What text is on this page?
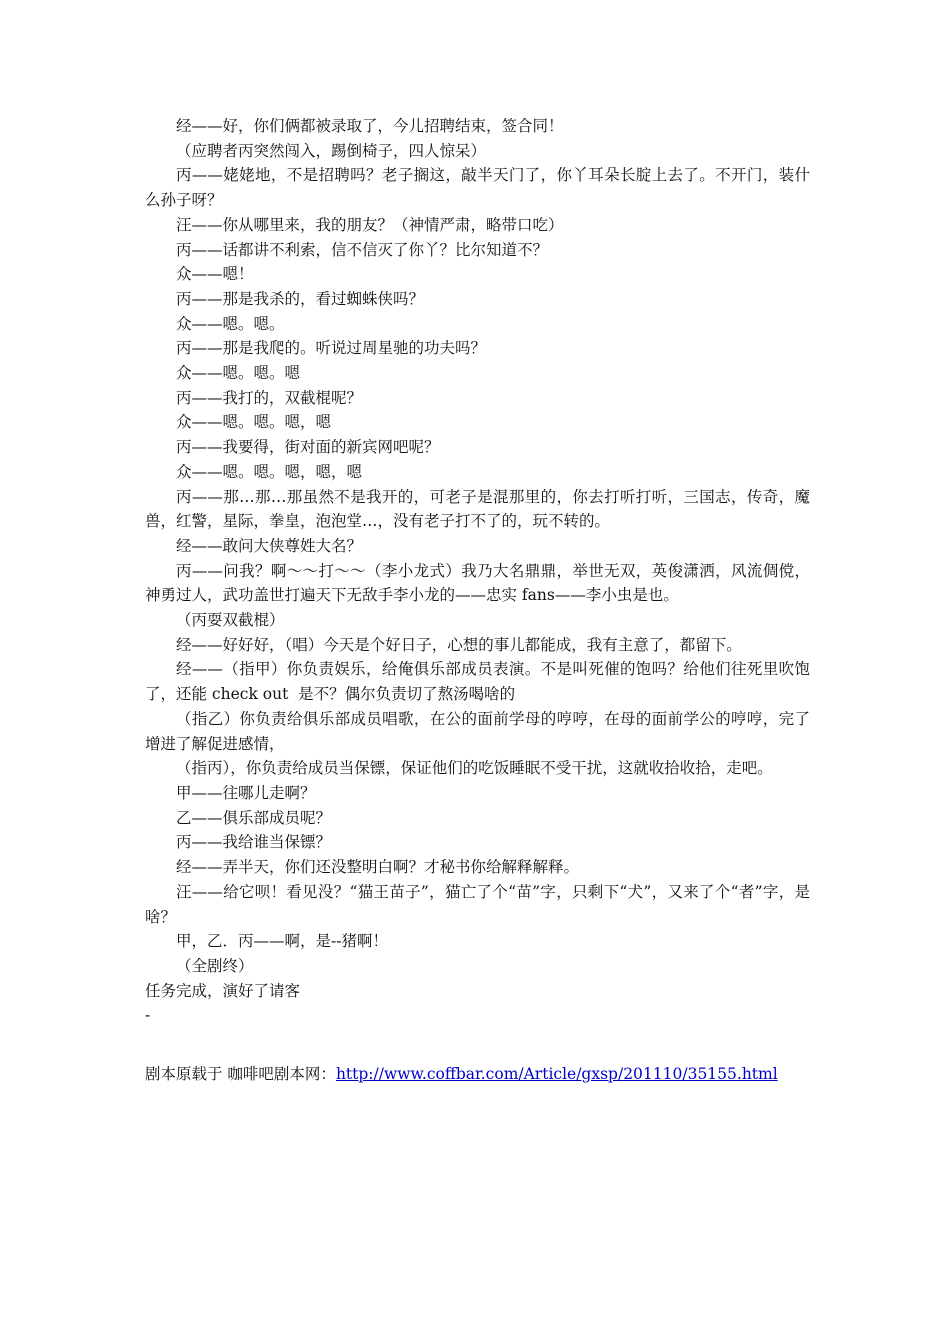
经——好，你们俩都被录取了，今儿招聘结束，签合同！
（应聘者丙突然闯入，踢倒椅子，四人惊呆）
丙——姥姥地，不是招聘吗？老子搁这，敲半天门了，你丫耳朵长腚上去了。不开门，装什么孙子呀？
汪——你从哪里来，我的朋友？（神情严肃，略带口吃）
丙——话都讲不利索，信不信灭了你丫？比尔知道不？
众——嗯！
丙——那是我杀的，看过蜘蛛侠吗？
众——嗯。嗯。
丙——那是我爬的。听说过周星驰的功夫吗？
众——嗯。嗯。嗯
丙——我打的，双截棍呢？
众——嗯。嗯。嗯，嗯
丙——我要得，街对面的新宾网吧呢？
众——嗯。嗯。嗯，嗯，嗯
丙——那…那…那虽然不是我开的，可老子是混那里的，你去打听打听，三国志，传奇，魔兽，红警，星际，拳皇，泡泡堂…，没有老子打不了的，玩不转的。
经——敢问大侠尊姓大名？
丙——问我？啊～～打～～（李小龙式）我乃大名鼎鼎，举世无双，英俊潇洒，风流倜傥，神勇过人，武功盖世打遍天下无敌手李小龙的——忠实 fans——李小虫是也。
（丙耍双截棍）
经——好好好，（唱）今天是个好日子，心想的事儿都能成，我有主意了，都留下。
经——（指甲）你负责娱乐，给俺俱乐部成员表演。不是叫死催的饱吗？给他们往死里吹饱了，还能 check out  是不？偶尔负责切了熬汤喝啥的
（指乙）你负责给俱乐部成员唱歌，在公的面前学母的哼哼，在母的面前学公的哼哼，完了增进了解促进感情，
（指丙），你负责给成员当保镖，保证他们的吃饭睡眠不受干扰，这就收拾收拾，走吧。
甲——往哪儿走啊？
乙——俱乐部成员呢？
丙——我给谁当保镖？
经——弄半天，你们还没整明白啊？才秘书你给解释解释。
汪——给它呗！看见没？“猫王苗子”，猫亡了个“苗”字，只剩下“犬”，又来了个“者”字，是啥？
甲，乙．丙——啊，是--猪啊！
（全剧终）
任务完成，演好了请客
-
剧本原载于 咖啡吧剧本网：http://www.coffbar.com/Article/gxsp/201110/35155.html
